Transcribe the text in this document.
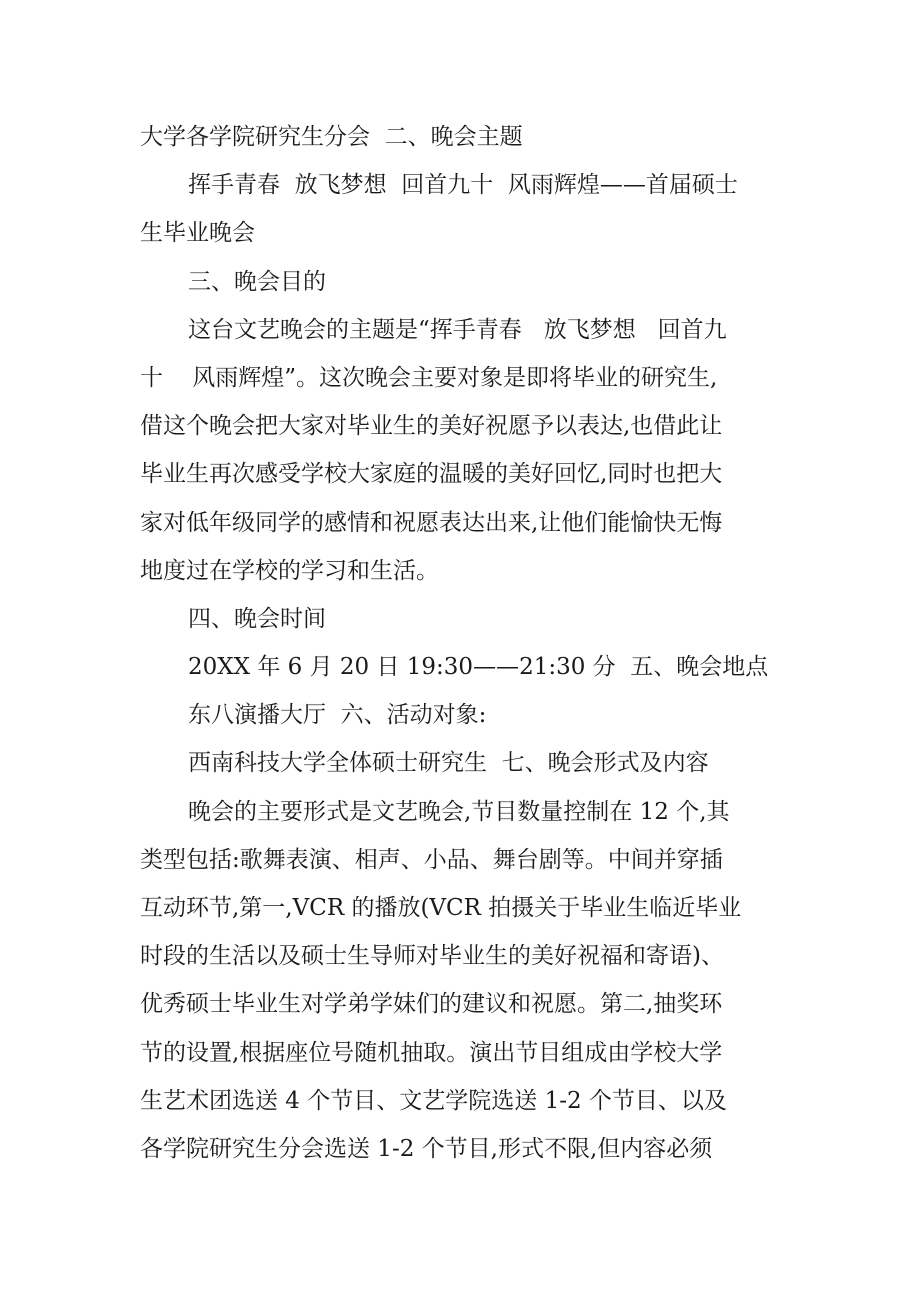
大学各学院研究生分会  二、晚会主题
挥手青春  放飞梦想  回首九十  风雨辉煌——首届硕士
生毕业晚会
三、晚会目的
这台文艺晚会的主题是“挥手青春   放飞梦想   回首九
十    风雨辉煌”。这次晚会主要对象是即将毕业的研究生,
借这个晚会把大家对毕业生的美好祝愿予以表达,也借此让
毕业生再次感受学校大家庭的温暖的美好回忆,同时也把大
家对低年级同学的感情和祝愿表达出来,让他们能愉快无悔
地度过在学校的学习和生活。
四、晚会时间
20XX 年 6 月 20 日 19:30——21:30 分  五、晚会地点
东八演播大厅  六、活动对象:
西南科技大学全体硕士研究生  七、晚会形式及内容
晚会的主要形式是文艺晚会,节目数量控制在 12 个,其
类型包括:歌舞表演、相声、小品、舞台剧等。中间并穿插
互动环节,第一,VCR 的播放(VCR 拍摄关于毕业生临近毕业
时段的生活以及硕士生导师对毕业生的美好祝福和寄语)、
优秀硕士毕业生对学弟学妹们的建议和祝愿。第二,抽奖环
节的设置,根据座位号随机抽取。演出节目组成由学校大学
生艺术团选送 4 个节目、文艺学院选送 1-2 个节目、以及
各学院研究生分会选送 1-2 个节目,形式不限,但内容必须
